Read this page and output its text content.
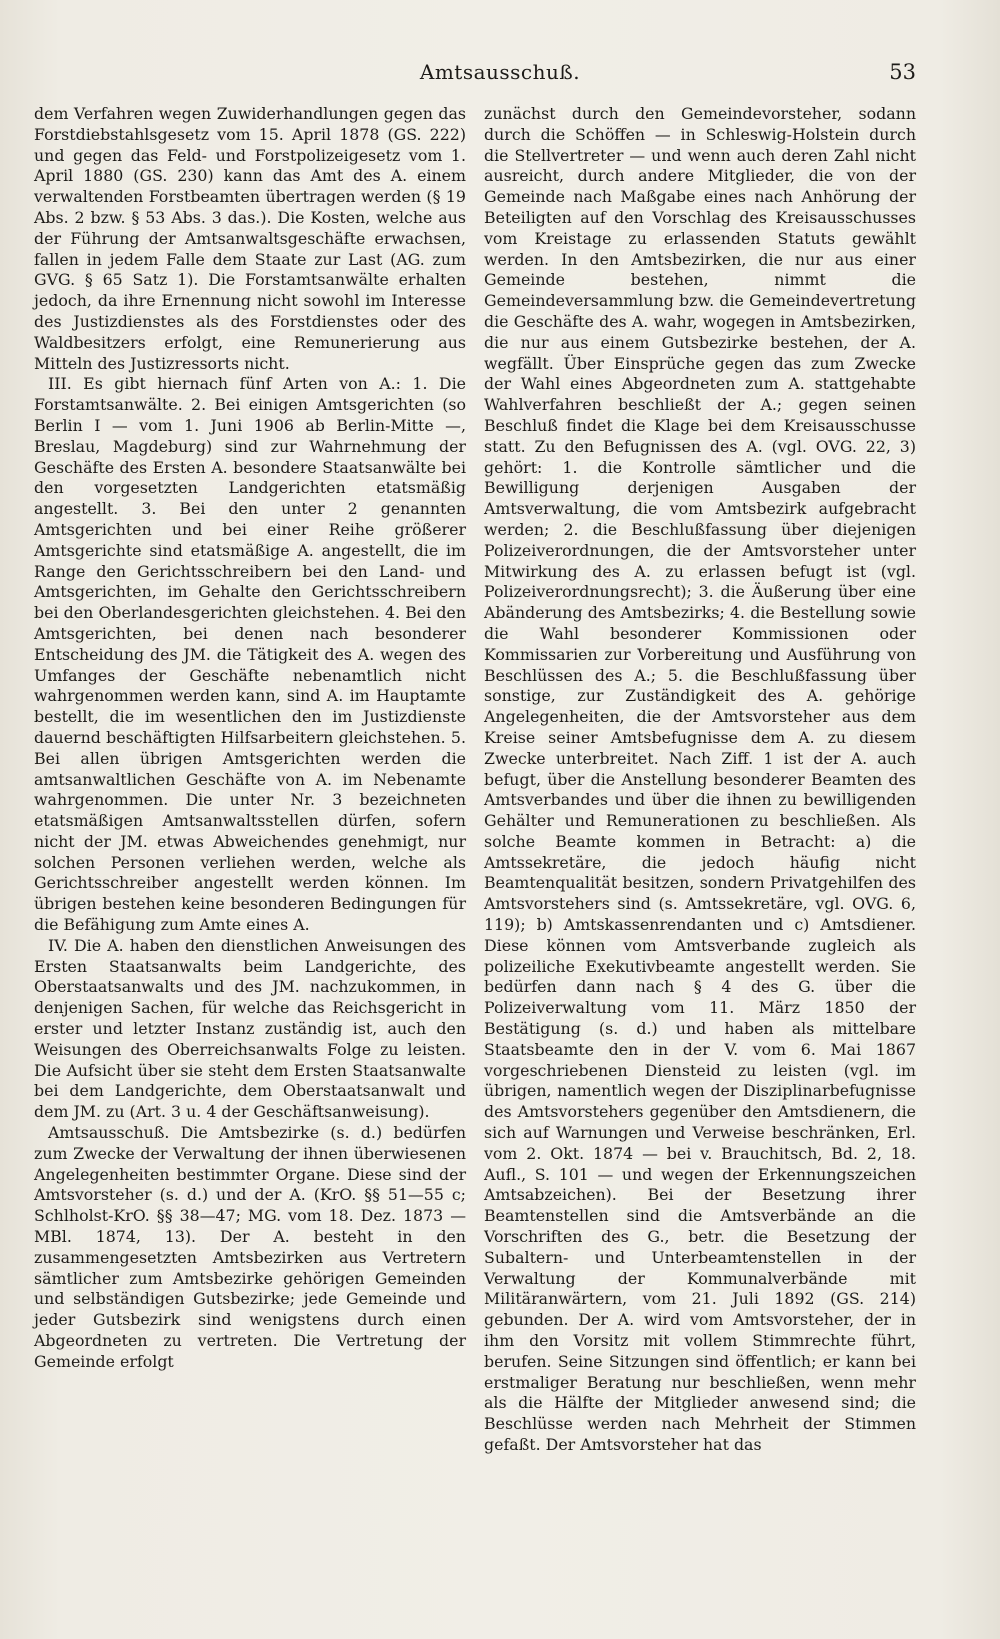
Amtsausschuß.	53

dem Verfahren wegen Zuwiderhandlungen gegen das Forstdiebstahlsgesetz vom 15. April 1878 (GS. 222) und gegen das Feld- und Forstpolizeigesetz vom 1. April 1880 (GS. 230) kann das Amt des A. einem verwaltenden Forstbeamten übertragen werden (§ 19 Abs. 2 bzw. § 53 Abs. 3 das.). Die Kosten, welche aus der Führung der Amtsanwaltsgeschäfte erwachsen, fallen in jedem Falle dem Staate zur Last (AG. zum GVG. § 65 Satz 1). Die Forstamtsanwälte erhalten jedoch, da ihre Ernennung nicht sowohl im Interesse des Justizdienstes als des Forstdienstes oder des Waldbesitzers erfolgt, eine Remunerierung aus Mitteln des Justizressorts nicht.

III. Es gibt hiernach fünf Arten von A.: 1. Die Forstamtsanwälte. 2. Bei einigen Amtsgerichten (so Berlin I — vom 1. Juni 1906 ab Berlin-Mitte —, Breslau, Magdeburg) sind zur Wahrnehmung der Geschäfte des Ersten A. besondere Staatsanwälte bei den vorgesetzten Landgerichten etatsmäßig angestellt. 3. Bei den unter 2 genannten Amtsgerichten und bei einer Reihe größerer Amtsgerichte sind etatsmäßige A. angestellt, die im Range den Gerichtsschreibern bei den Land- und Amtsgerichten, im Gehalte den Gerichtsschreibern bei den Oberlandesgerichten gleichstehen. 4. Bei den Amtsgerichten, bei denen nach besonderer Entscheidung des JM. die Tätigkeit des A. wegen des Umfanges der Geschäfte nebenamtlich nicht wahrgenommen werden kann, sind A. im Hauptamte bestellt, die im wesentlichen den im Justizdienste dauernd beschäftigten Hilfsarbeitern gleichstehen. 5. Bei allen übrigen Amtsgerichten werden die amtsanwaltlichen Geschäfte von A. im Nebenamte wahrgenommen. Die unter Nr. 3 bezeichneten etatsmäßigen Amtsanwaltsstellen dürfen, sofern nicht der JM. etwas Abweichendes genehmigt, nur solchen Personen verliehen werden, welche als Gerichtsschreiber angestellt werden können. Im übrigen bestehen keine besonderen Bedingungen für die Befähigung zum Amte eines A.

IV. Die A. haben den dienstlichen Anweisungen des Ersten Staatsanwalts beim Landgerichte, des Oberstaatsanwalts und des JM. nachzukommen, in denjenigen Sachen, für welche das Reichsgericht in erster und letzter Instanz zuständig ist, auch den Weisungen des Oberreichsanwalts Folge zu leisten. Die Aufsicht über sie steht dem Ersten Staatsanwalte bei dem Landgerichte, dem Oberstaatsanwalt und dem JM. zu (Art. 3 u. 4 der Geschäftsanweisung).

Amtsausschuß. Die Amtsbezirke (s. d.) bedürfen zum Zwecke der Verwaltung der ihnen überwiesenen Angelegenheiten bestimmter Organe. Diese sind der Amtsvorsteher (s. d.) und der A. (KrO. §§ 51—55 c; Schlholst-KrO. §§ 38—47; MG. vom 18. Dez. 1873 — MBl. 1874, 13). Der A. besteht in den zusammengesetzten Amtsbezirken aus Vertretern sämtlicher zum Amtsbezirke gehörigen Gemeinden und selbständigen Gutsbezirke; jede Gemeinde und jeder Gutsbezirk sind wenigstens durch einen Abgeordneten zu vertreten. Die Vertretung der Gemeinde erfolgt

zunächst durch den Gemeindevorsteher, sodann durch die Schöffen — in Schleswig-Holstein durch die Stellvertreter — und wenn auch deren Zahl nicht ausreicht, durch andere Mitglieder, die von der Gemeinde nach Maßgabe eines nach Anhörung der Beteiligten auf den Vorschlag des Kreisausschusses vom Kreistage zu erlassenden Statuts gewählt werden. In den Amtsbezirken, die nur aus einer Gemeinde bestehen, nimmt die Gemeindeversammlung bzw. die Gemeindevertretung die Geschäfte des A. wahr, wogegen in Amtsbezirken, die nur aus einem Gutsbezirke bestehen, der A. wegfällt. Über Einsprüche gegen das zum Zwecke der Wahl eines Abgeordneten zum A. stattgehabte Wahlverfahren beschließt der A.; gegen seinen Beschluß findet die Klage bei dem Kreisausschusse statt. Zu den Befugnissen des A. (vgl. OVG. 22, 3) gehört: 1. die Kontrolle sämtlicher und die Bewilligung derjenigen Ausgaben der Amtsverwaltung, die vom Amtsbezirk aufgebracht werden; 2. die Beschlußfassung über diejenigen Polizeiverordnungen, die der Amtsvorsteher unter Mitwirkung des A. zu erlassen befugt ist (vgl. Polizeiverordnungsrecht); 3. die Äußerung über eine Abänderung des Amtsbezirks; 4. die Bestellung sowie die Wahl besonderer Kommissionen oder Kommissarien zur Vorbereitung und Ausführung von Beschlüssen des A.; 5. die Beschlußfassung über sonstige, zur Zuständigkeit des A. gehörige Angelegenheiten, die der Amtsvorsteher aus dem Kreise seiner Amtsbefugnisse dem A. zu diesem Zwecke unterbreitet. Nach Ziff. 1 ist der A. auch befugt, über die Anstellung besonderer Beamten des Amtsverbandes und über die ihnen zu bewilligenden Gehälter und Remunerationen zu beschließen. Als solche Beamte kommen in Betracht: a) die Amtssekretäre, die jedoch häufig nicht Beamtenqualität besitzen, sondern Privatgehilfen des Amtsvorstehers sind (s. Amtssekretäre, vgl. OVG. 6, 119); b) Amtskassenrendanten und c) Amtsdiener. Diese können vom Amtsverbande zugleich als polizeiliche Exekutivbeamte angestellt werden. Sie bedürfen dann nach § 4 des G. über die Polizeiverwaltung vom 11. März 1850 der Bestätigung (s. d.) und haben als mittelbare Staatsbeamte den in der V. vom 6. Mai 1867 vorgeschriebenen Diensteid zu leisten (vgl. im übrigen, namentlich wegen der Disziplinarbefugnisse des Amtsvorstehers gegenüber den Amtsdienern, die sich auf Warnungen und Verweise beschränken, Erl. vom 2. Okt. 1874 — bei v. Brauchitsch, Bd. 2, 18. Aufl., S. 101 — und wegen der Erkennungszeichen Amtsabzeichen). Bei der Besetzung ihrer Beamtenstellen sind die Amtsverbände an die Vorschriften des G., betr. die Besetzung der Subaltern- und Unterbeamtenstellen in der Verwaltung der Kommunalverbände mit Militäranwärtern, vom 21. Juli 1892 (GS. 214) gebunden. Der A. wird vom Amtsvorsteher, der in ihm den Vorsitz mit vollem Stimmrechte führt, berufen. Seine Sitzungen sind öffentlich; er kann bei erstmaliger Beratung nur beschließen, wenn mehr als die Hälfte der Mitglieder anwesend sind; die Beschlüsse werden nach Mehrheit der Stimmen gefaßt. Der Amtsvorsteher hat das
